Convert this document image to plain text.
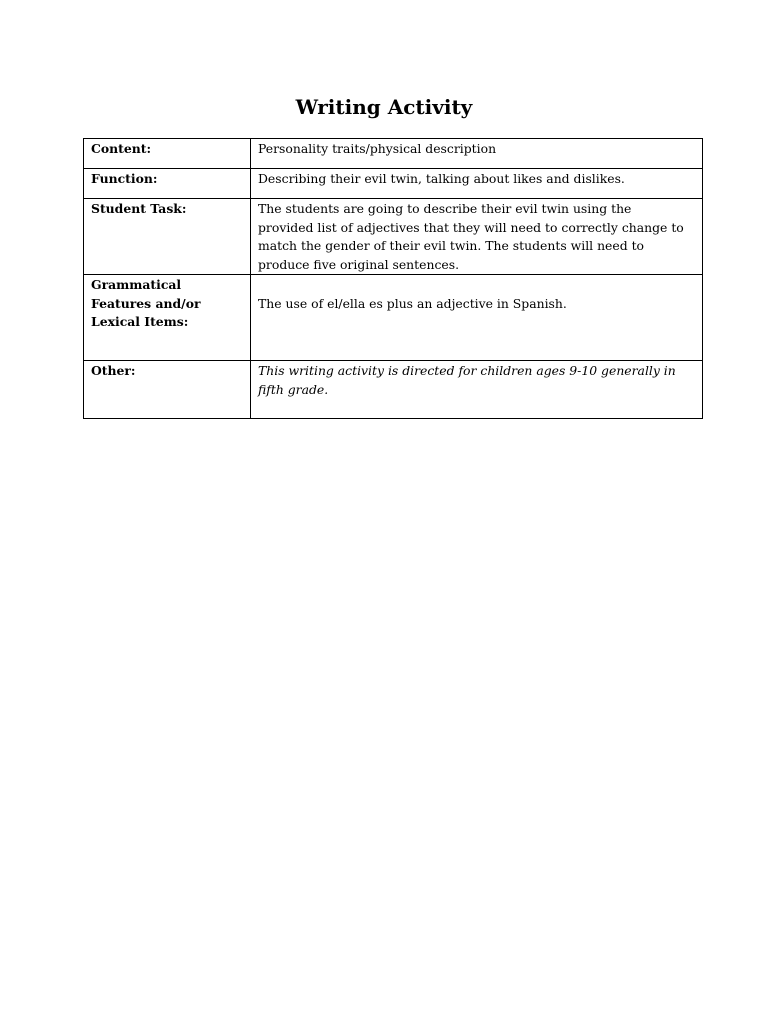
Writing Activity
Content:	Personality traits/physical description
Function:	Describing their evil twin, talking about likes and dislikes.
Student Task:	The students are going to describe their evil twin using the
provided list of adjectives that they will need to correctly change to
match the gender of their evil twin. The students will need to
produce five original sentences.

Grammatical
Features and/or
Lexical Items:	The use of el/ella es plus an adjective in Spanish.

Other:	This writing activity is directed for children ages 9-10 generally in
fifth grade.
